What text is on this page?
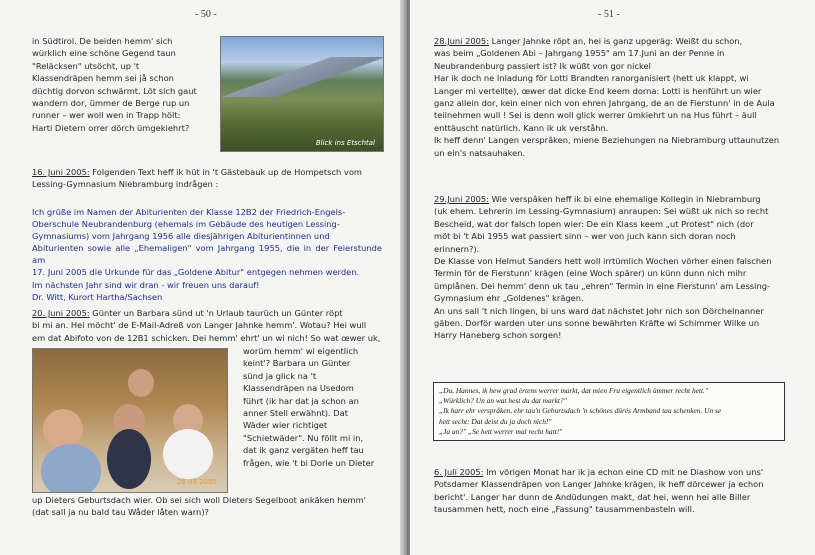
- 50 -
in Südtirol. De beiden hemm' sich
würklich eine schöne Gegend taun
"Reläcksen" utsöcht, up 't
Klassendräpen hemm sei jå schon
düchtig dorvon schwärmt. Löt sich gaut
wandern dor, ümmer de Berge rup un
runner – wer woll wen in Trapp hölt:
Harti Dietern orrer dörch ümgekiehrt?
Blick ins Etschtal
16. Juni 2005: Folgenden Text heff ik hüt in 't Gästebauk up de Hompetsch vom
Lessing-Gymnasium Niebramburg indrågen :
Ich grüße im Namen der Abiturienten der Klasse 12B2 der Friedrich-Engels-
Oberschule Neubrandenburg (ehemals im Gebäude des heutigen Lessing-
Gymnasiums) vom Jahrgang 1956 alle diesjährigen Abiturientinnen und
Abiturienten sowie alle „Ehemaligen" vom Jahrgang 1955, die in der Feierstunde am
17. Juni 2005 die Urkunde für das „Goldene Abitur" entgegen nehmen werden.
Im nächsten Jahr sind wir dran - wir freuen uns darauf!
Dr. Witt, Kurort Hartha/Sachsen
20. Juni 2005: Günter un Barbara sünd ut 'n Urlaub taurüch un Günter röpt
bi mi an. Hei möcht' de E-Mail-Adreß von Langer Jahnke hemm'. Wotau? Hei wull
em dat Abifoto von de 12B1 schicken. Dei hemm' ehrt' un wi nich! So wat œwer uk,
26 09 2005
worüm hemm' wi eigentlich
keint'? Barbara un Günter
sünd ja glick na 't
Klassendräpen na Usedom
führt (ik har dat ja schon an
anner Stell erwähnt). Dat
Wäder wier richtiget
"Schietwäder". Nu föllt mi in,
dat ik ganz vergäten heff tau
frågen, wie 't bi Dorle un Dieter
up Dieters Geburtsdach wier. Ob sei sich woll Dieters Segelboot ankäken hemm'
(dat sall ja nu bald tau Wåder låten warn)?
- 51 -
28.Juni 2005: Langer Jahnke röpt an, hei is ganz upgeräg: Weißt du schon,
was beim „Goldenen Abi – Jahrgang 1955" am 17.Juni an der Penne in
Neubrandenburg passiert ist? Ik wüßt von gor nickel
Har ik doch ne Inladung för Lotti Brandten ranorganisiert (hett uk klappt, wi
Langer mi vertellte), œwer dat dicke End keem dorna: Lotti is henführt un wier
ganz allein dor, kein einer nich von ehren Jahrgang, de an de Fierstunn' in de Aula
teilnehmen wull ! Sei is denn woll glick werrer ümkiehrt un na Hus führt – äull
enttäuscht natürlich. Kann ik uk verståhn.
Ik heff denn' Langen versprâken, miene Beziehungen na Niebramburg uttaunutzen
un ein's natsauhaken.
29.Juni 2005: Wie verspâken heff ik bi eine ehemalige Kollegin in Niebramburg
(uk ehem. Lehrerin im Lessing-Gymnasium) anraupen: Sei wüßt uk nich so recht
Bescheid, wat dor falsch lopen wier: De ein Klass keem „ut Protest" nich (dor
möt bi 't Abi 1955 wat passiert sinn – wer von juch kann sich doran noch
erinnern?).
De Klasse von Helmut Sanders hett woll irrtümlich Wochen vörher einen falschen
Termin för de Fierstunn' krägen (eine Woch spärer) un künn dunn nich mihr
ümplånen. Dei hemm' denn uk tau „ehren" Termin in eine Fierstunn' am Lessing-
Gymnasium ehr „Goldenes" krägen.
An uns sall 't nich lingen, bi uns ward dat nächstet Johr nich son Dörchelnanner
gäben. Dorför warden uter uns sonne bewährten Kräfte wi Schimmer Wilke un
Harry Haneberg schon sorgen!
„Du, Hannes, ik hew grad èrtens werrer markt, dat mien Fru eigentlich ümmer recht hett."
„Würklich? Un an wat hest du dat markt?"
„Ik harr ehr verspråken, ehr tau'n Geburtsdach 'n schönes dürés Armband tau schenken. Un se
hett secht: Dat deist du ja doch nich!"
„Ja un?" „Se hett werrer mal recht hatt!"
6. Juli 2005: Im vörigen Monat har ik ja echon eine CD mit ne Diashow von uns'
Potsdamer Klassendräpen von Langer Jahnke krägen, ik heff dörcewer ja echon
bericht'. Langer har dunn de Andüdungen makt, dat hei, wenn hei alle Biller
tausammen hett, noch eine „Fassung" tausammenbasteln will.
